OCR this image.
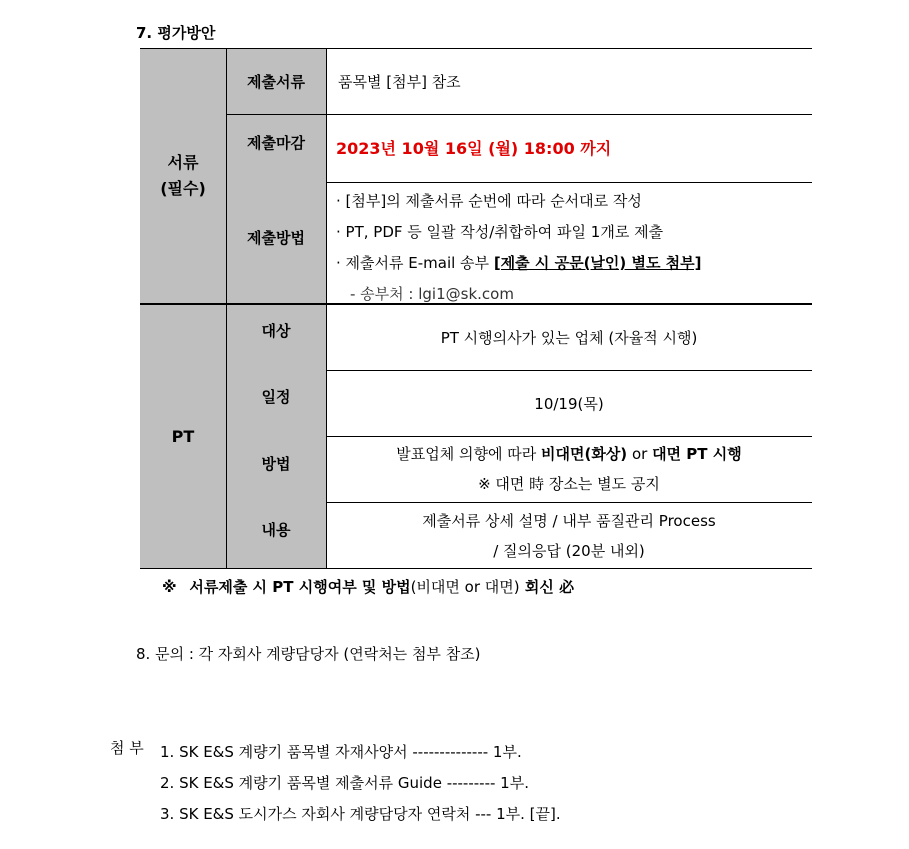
7. 평가방안
서류
(필수)
PT
제출서류
제출마감
제출방법
대상
일정
방법
내용
품목별 [첨부] 참조
2023년 10월 16일 (월) 18:00 까지
· [첨부]의 제출서류 순번에 따라 순서대로 작성
· PT, PDF 등 일괄 작성/취합하여 파일 1개로 제출
· 제출서류 E-mail 송부 [제출 시 공문(날인) 별도 첨부]
- 송부처 : lgi1@sk.com
PT 시행의사가 있는 업체 (자율적 시행)
10/19(목)
발표업체 의향에 따라 비대면(화상) or 대면 PT 시행
※ 대면 時 장소는 별도 공지
제출서류 상세 설명 / 내부 품질관리 Process
/ 질의응답 (20분 내외)
※ 서류제출 시 PT 시행여부 및 방법(비대면 or 대면) 회신 必
8. 문의 : 각 자회사 계량담당자 (연락처는 첨부 참조)
첨 부 1. SK E&S 계량기 품목별 자재사양서 -------------- 1부.
2. SK E&S 계량기 품목별 제출서류 Guide --------- 1부.
3. SK E&S 도시가스 자회사 계량담당자 연락처 --- 1부. [끝].
